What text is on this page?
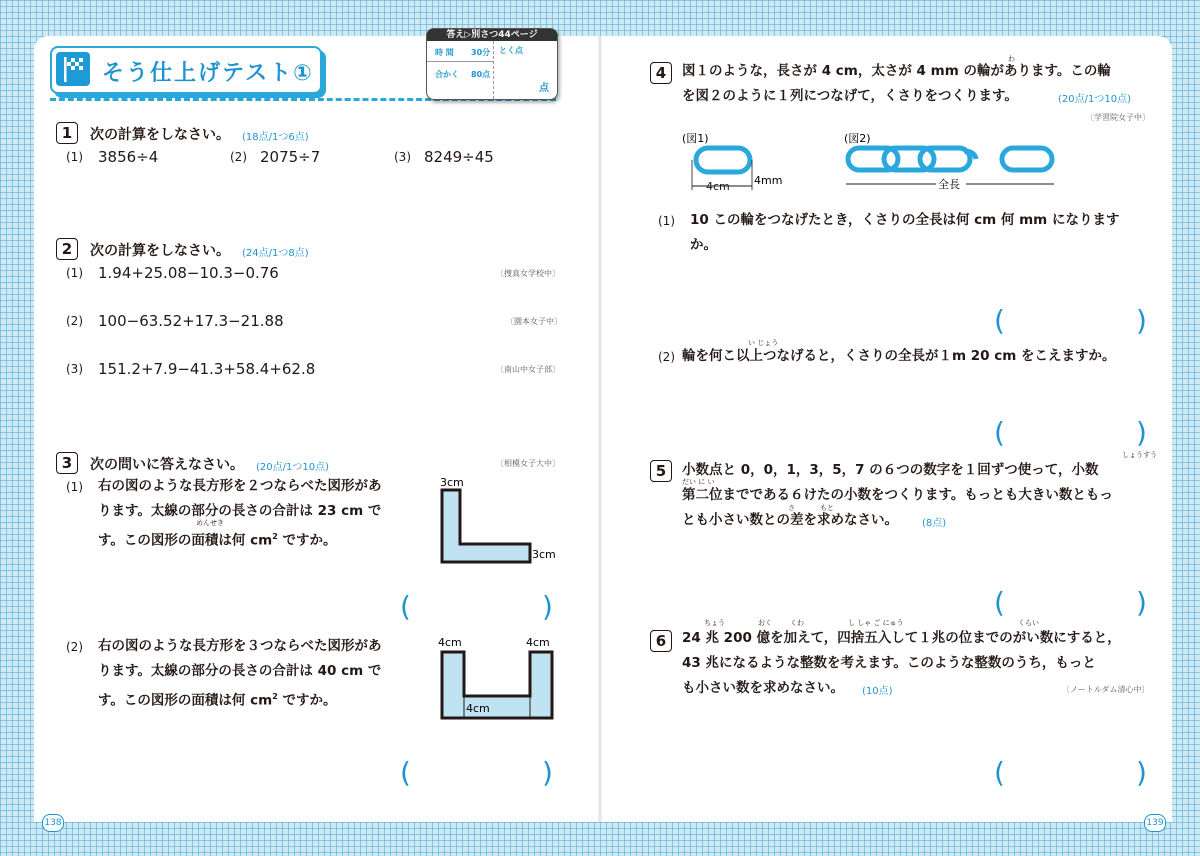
そう仕上げテスト①
答え▷別さつ44ページ
時 間 30分
合かく 80点
とく点
点
1	次の計算をしなさい。 (18点/1つ6点)
(1) 3856÷4	(2) 2075÷7	(3) 8249÷45
2	次の計算をしなさい。 (24点/1つ8点)
(1) 1.94+25.08−10.3−0.76	〔捜真女学校中〕
(2) 100−63.52+17.3−21.88	〔園本女子中〕
(3) 151.2+7.9−41.3+58.4+62.8	〔南山中女子部〕
3	次の問いに答えなさい。 (20点/1つ10点)	〔相模女子大中〕
(1) 右の図のような長方形を２つならべた図形があ
ります。太線の部分の長さの合計は 23 cm で
めんせき
す。この図形の面積は何 $cm^2$ ですか。
3cm
3cm
(	)
(2) 右の図のような長方形を３つならべた図形があ
ります。太線の部分の長さの合計は 40 cm で
す。この図形の面積は何 $cm^2$ ですか。
4cm	4cm
4cm
(	)
138
4
わ
図１のような，長さが 4 cm，太さが 4 mm の輪があります。この輪
を図２のように１列につなげて，くさりをつくります。	(20点/1つ10点)
〔学習院女子中〕
(図1)
4cm 4mm
(図2)
全長
(1) 10 この輪をつなげたとき，くさりの全長は何 cm 何 mm になります
か。
(	)
い じょう
(2) 輪を何こ以上つなげると，くさりの全長が１m 20 cm をこえますか。
(	)
5
しょうすう
小数点と 0，0，1，3，5，7 の６つの数字を１回ずつ使って，小数
だい に い
第二位までである６けたの小数をつくります。もっとも大きい数ともっ
さ	もと
とも小さい数との差を求めなさい。 (8点)
(	)
6
ちょう	おく	くわ	し しゃ ご にゅう	くらい
24 兆 200 億を加えて，四捨五入して１兆の位までのがい数にすると，
43 兆になるような整数を考えます。このような整数のうち，もっと
も小さい数を求めなさい。 (10点)	〔ノートルダム清心中〕
(	)
139
